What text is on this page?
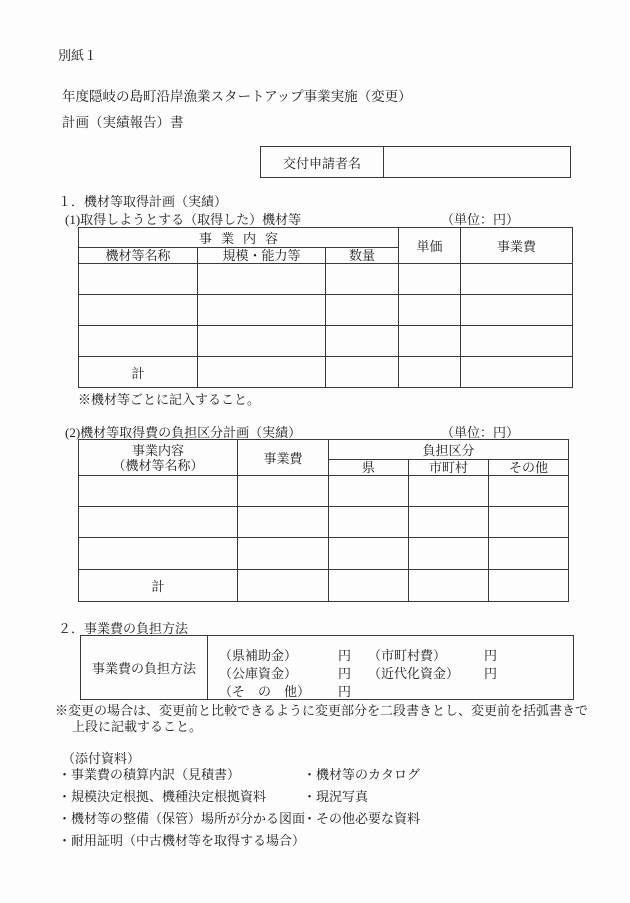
別紙１
年度隠岐の島町沿岸漁業スタートアップ事業実施（変更）
計画（実績報告）書
交付申請者名	
１．機材等取得計画（実績）
(1)取得しようとする（取得した）機材等	（単位：円）
事業内容			単価	事業費
機材等名称	規模・能力等	数量		

計				
※機材等ごとに記入すること。
(2)機材等取得費の負担区分計画（実績）	（単位：円）
事業内容
（機材等名称）	事業費	負担区分		
		県	市町村	その他

計				
２．事業費の負担方法
事業費の負担方法	
（県補助金）	円 （市町村費）	円
（公庫資金）	円 （近代化資金） 円
（そ　の　他） 円
※変更の場合は、変更前と比較できるように変更部分を二段書きとし、変更前を括弧書きで
上段に記載すること。
（添付資料）
・事業費の積算内訳（見積書）
・規模決定根拠、機種決定根拠資料
・機材等の整備（保管）場所が分かる図面
・耐用証明（中古機材等を取得する場合）
・機材等のカタログ
・現況写真
・その他必要な資料
